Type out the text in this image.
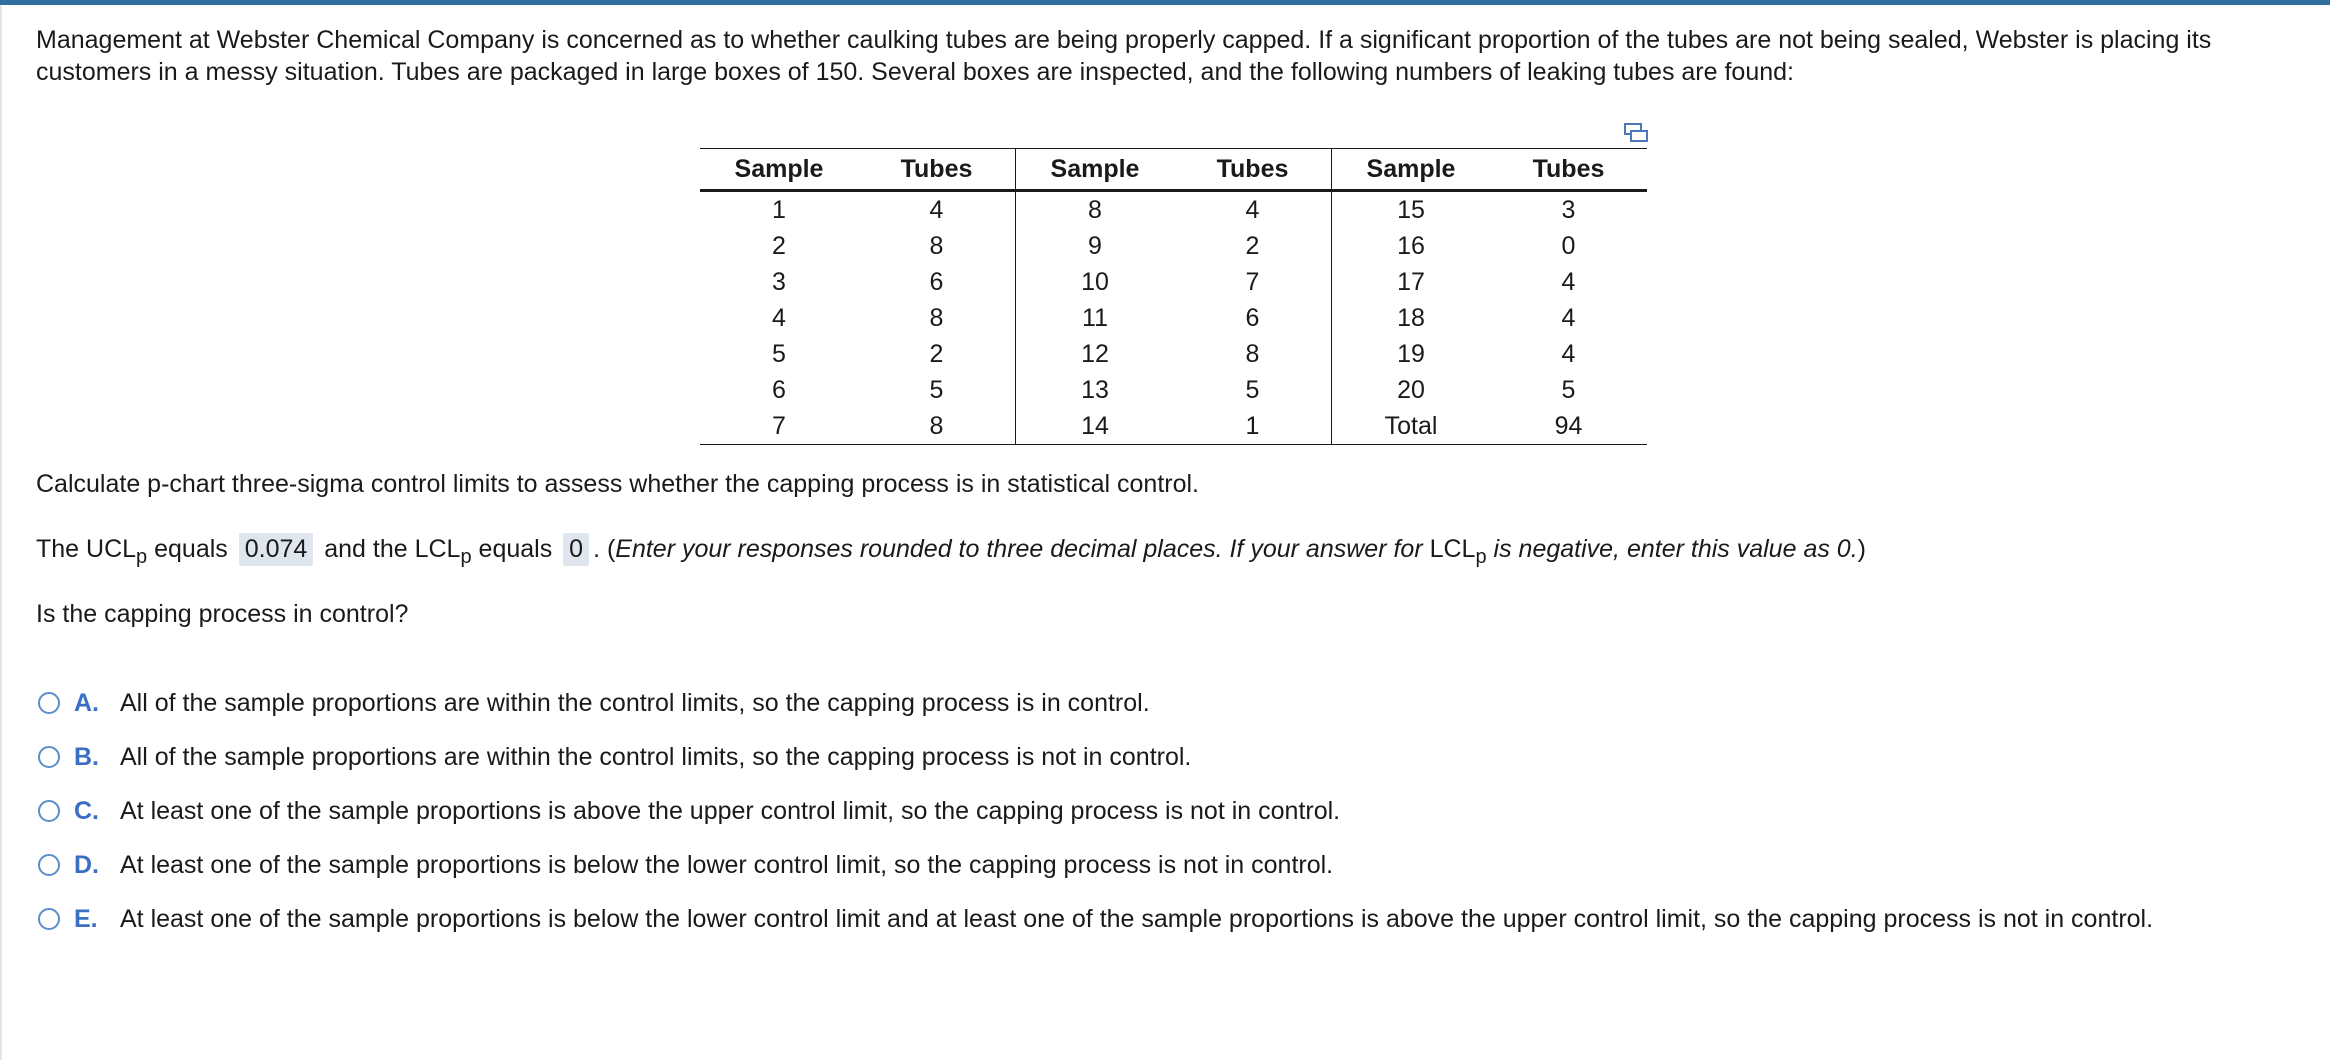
Management at Webster Chemical Company is concerned as to whether caulking tubes are being properly capped. If a significant proportion of the tubes are not being sealed, Webster is placing its customers in a messy situation. Tubes are packaged in large boxes of 150. Several boxes are inspected, and the following numbers of leaking tubes are found:
Sample	Tubes	Sample	Tubes	Sample	Tubes
1	4	8	4	15	3
2	8	9	2	16	0
3	6	10	7	17	4
4	8	11	6	18	4
5	2	12	8	19	4
6	5	13	5	20	5
7	8	14	1	Total	94
Calculate p-chart three-sigma control limits to assess whether the capping process is in statistical control.
The $UCL_p$ equals 0.074 and the $LCL_p$ equals 0 . (Enter your responses rounded to three decimal places. If your answer for $LCL_p$ is negative, enter this value as 0.)
Is the capping process in control?
A. All of the sample proportions are within the control limits, so the capping process is in control.
B. All of the sample proportions are within the control limits, so the capping process is not in control.
C. At least one of the sample proportions is above the upper control limit, so the capping process is not in control.
D. At least one of the sample proportions is below the lower control limit, so the capping process is not in control.
E. At least one of the sample proportions is below the lower control limit and at least one of the sample proportions is above the upper control limit, so the capping process is not in control.
